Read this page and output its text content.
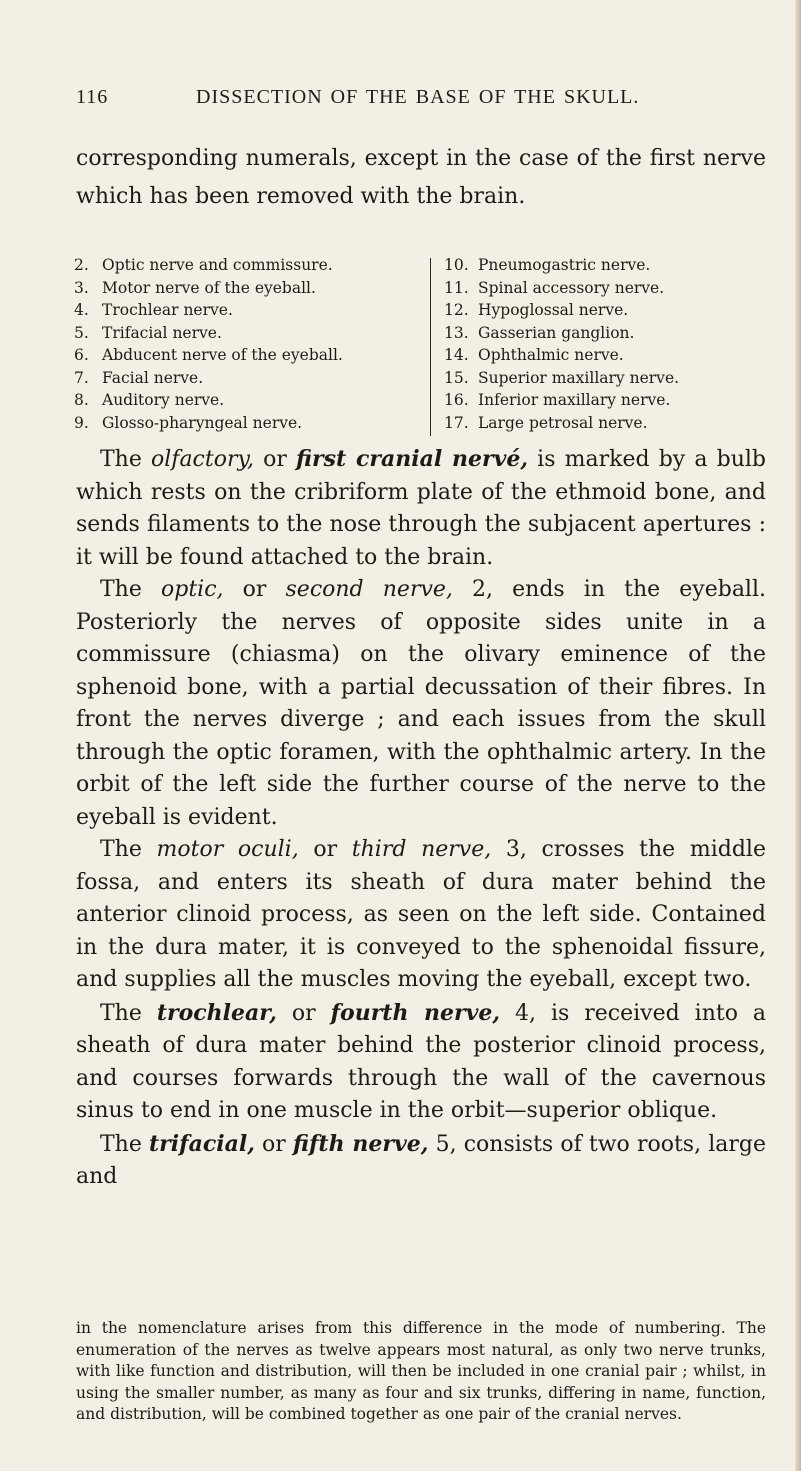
116	DISSECTION OF THE BASE OF THE SKULL.
corresponding numerals, except in the case of the first nerve which has been removed with the brain.
2. Optic nerve and commissure.
3. Motor nerve of the eyeball.
4. Trochlear nerve.
5. Trifacial nerve.
6. Abducent nerve of the eyeball.
7. Facial nerve.
8. Auditory nerve.
9. Glosso-pharyngeal nerve.
10. Pneumogastric nerve.
11. Spinal accessory nerve.
12. Hypoglossal nerve.
13. Gasserian ganglion.
14. Ophthalmic nerve.
15. Superior maxillary nerve.
16. Inferior maxillary nerve.
17. Large petrosal nerve.

The olfactory, or first cranial nervé, is marked by a bulb which rests on the cribriform plate of the ethmoid bone, and sends filaments to the nose through the subjacent apertures : it will be found attached to the brain.

The optic, or second nerve, 2, ends in the eyeball. Posteriorly the nerves of opposite sides unite in a commissure (chiasma) on the olivary eminence of the sphenoid bone, with a partial decussation of their fibres. In front the nerves diverge ; and each issues from the skull through the optic foramen, with the ophthalmic artery. In the orbit of the left side the further course of the nerve to the eyeball is evident.

The motor oculi, or third nerve, 3, crosses the middle fossa, and enters its sheath of dura mater behind the anterior clinoid process, as seen on the left side. Contained in the dura mater, it is conveyed to the sphenoidal fissure, and supplies all the muscles moving the eyeball, except two.

The trochlear, or fourth nerve, 4, is received into a sheath of dura mater behind the posterior clinoid process, and courses forwards through the wall of the cavernous sinus to end in one muscle in the orbit—superior oblique.

The trifacial, or fifth nerve, 5, consists of two roots, large and

in the nomenclature arises from this difference in the mode of numbering. The enumeration of the nerves as twelve appears most natural, as only two nerve trunks, with like function and distribution, will then be included in one cranial pair ; whilst, in using the smaller number, as many as four and six trunks, differing in name, function, and distribution, will be combined together as one pair of the cranial nerves.
